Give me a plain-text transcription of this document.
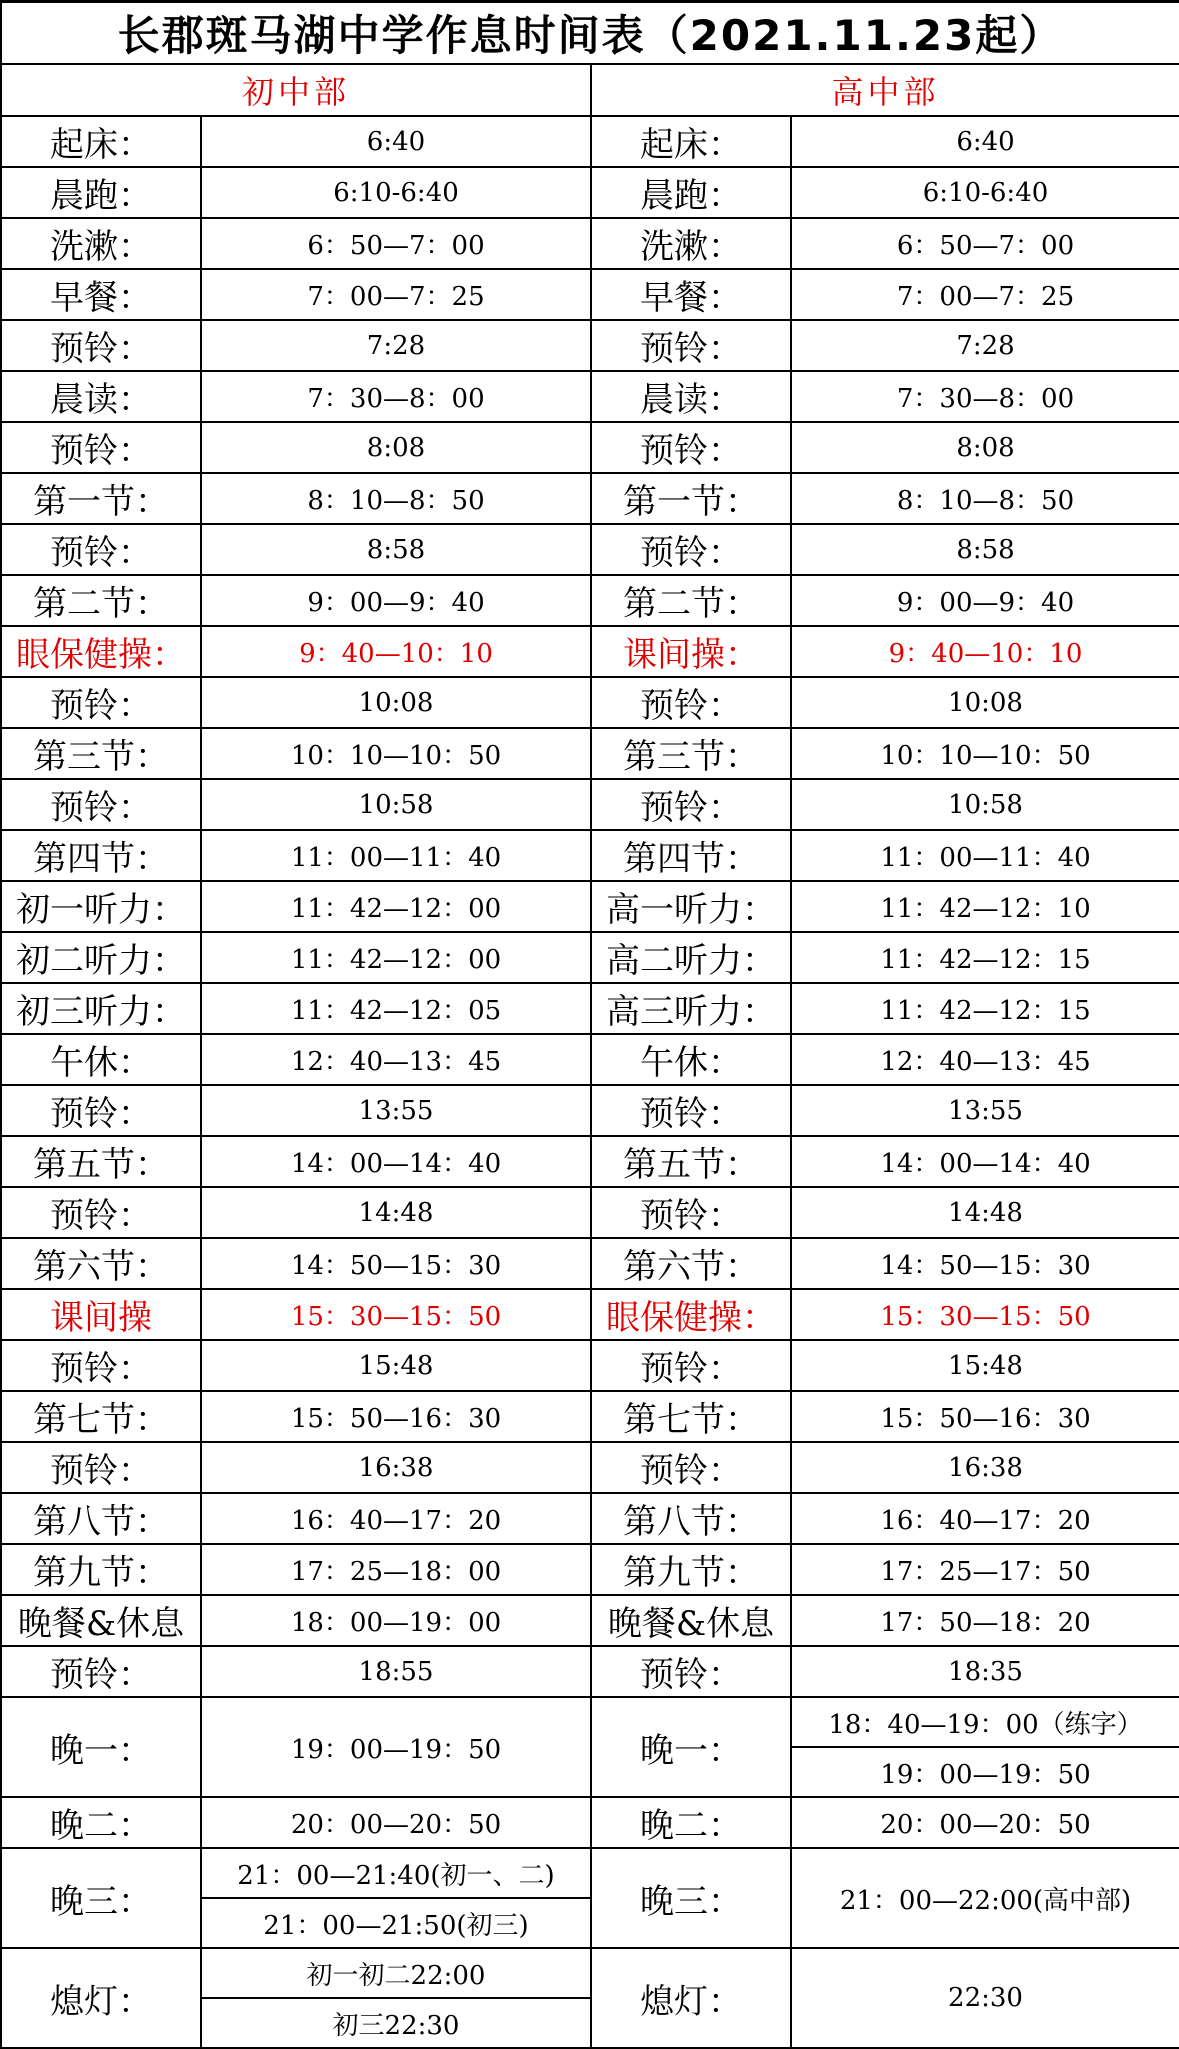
长郡斑马湖中学作息时间表（2021.11.23起）			
初中部		高中部	
起床：	6:40	起床：	6:40
晨跑：	6:10-6:40	晨跑：	6:10-6:40
洗漱：	6：50—7：00	洗漱：	6：50—7：00
早餐：	7：00—7：25	早餐：	7：00—7：25
预铃：	7:28	预铃：	7:28
晨读：	7：30—8：00	晨读：	7：30—8：00
预铃：	8:08	预铃：	8:08
第一节：	8：10—8：50	第一节：	8：10—8：50
预铃：	8:58	预铃：	8:58
第二节：	9：00—9：40	第二节：	9：00—9：40
眼保健操：	9：40—10：10	课间操：	9：40—10：10
预铃：	10:08	预铃：	10:08
第三节：	10：10—10：50	第三节：	10：10—10：50
预铃：	10:58	预铃：	10:58
第四节：	11：00—11：40	第四节：	11：00—11：40
初一听力：	11：42—12：00	高一听力：	11：42—12：10
初二听力：	11：42—12：00	高二听力：	11：42—12：15
初三听力：	11：42—12：05	高三听力：	11：42—12：15
午休：	12：40—13：45	午休：	12：40—13：45
预铃：	13:55	预铃：	13:55
第五节：	14：00—14：40	第五节：	14：00—14：40
预铃：	14:48	预铃：	14:48
第六节：	14：50—15：30	第六节：	14：50—15：30
课间操	15：30—15：50	眼保健操：	15：30—15：50
预铃：	15:48	预铃：	15:48
第七节：	15：50—16：30	第七节：	15：50—16：30
预铃：	16:38	预铃：	16:38
第八节：	16：40—17：20	第八节：	16：40—17：20
第九节：	17：25—18：00	第九节：	17：25—17：50
晚餐&休息	18：00—19：00	晚餐&休息	17：50—18：20
预铃：	18:55	预铃：	18:35
晚一：	19：00—19：50	晚一：	18：40—19：00（练字）
			19：00—19：50
晚二：	20：00—20：50	晚二：	20：00—20：50
晚三：	21：00—21:40(初一、二)	晚三：	21：00—22:00(高中部)
	21：00—21:50(初三)		
熄灯：	初一初二22:00	熄灯：	22:30
	初三22:30		
